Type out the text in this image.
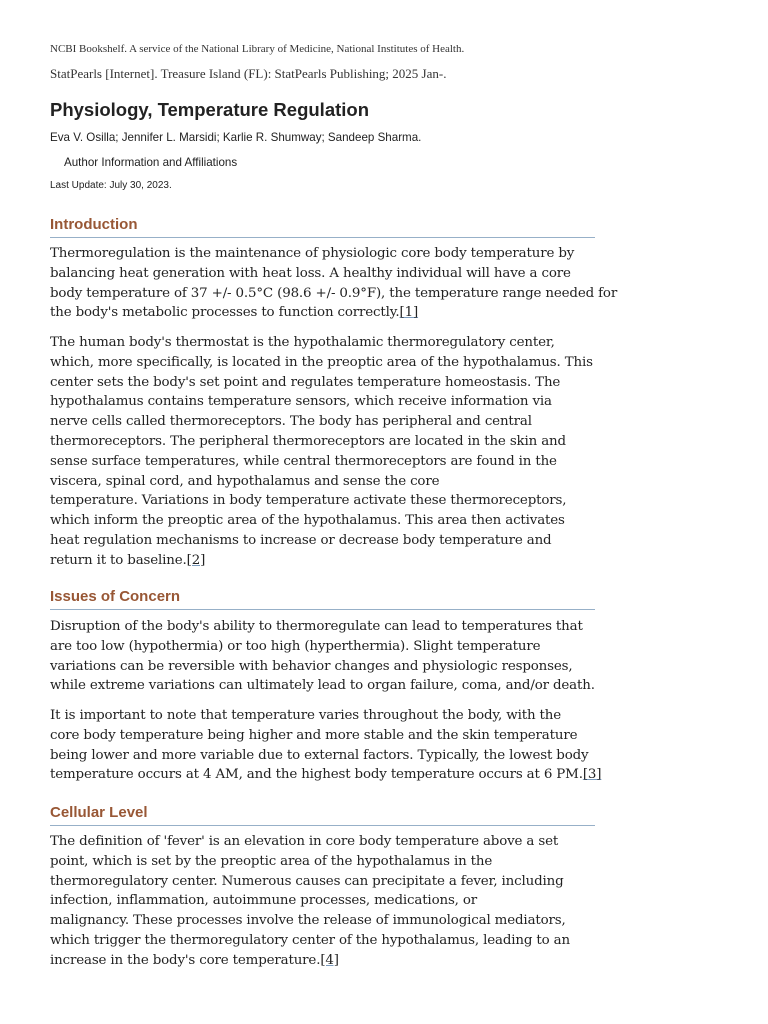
NCBI Bookshelf. A service of the National Library of Medicine, National Institutes of Health.
StatPearls [Internet]. Treasure Island (FL): StatPearls Publishing; 2025 Jan-.
Physiology, Temperature Regulation
Eva V. Osilla; Jennifer L. Marsidi; Karlie R. Shumway; Sandeep Sharma.
Author Information and Affiliations
Last Update: July 30, 2023.
Introduction
Thermoregulation is the maintenance of physiologic core body temperature by
balancing heat generation with heat loss. A healthy individual will have a core
body temperature of 37 +/- 0.5°C (98.6 +/- 0.9°F), the temperature range needed for
the body's metabolic processes to function correctly.[1]
The human body's thermostat is the hypothalamic thermoregulatory center,
which, more specifically, is located in the preoptic area of the hypothalamus. This
center sets the body's set point and regulates temperature homeostasis. The
hypothalamus contains temperature sensors, which receive information via
nerve cells called thermoreceptors. The body has peripheral and central
thermoreceptors. The peripheral thermoreceptors are located in the skin and
sense surface temperatures, while central thermoreceptors are found in the
viscera, spinal cord, and hypothalamus and sense the core
temperature. Variations in body temperature activate these thermoreceptors,
which inform the preoptic area of the hypothalamus. This area then activates
heat regulation mechanisms to increase or decrease body temperature and
return it to baseline.[2]
Issues of Concern
Disruption of the body's ability to thermoregulate can lead to temperatures that
are too low (hypothermia) or too high (hyperthermia). Slight temperature
variations can be reversible with behavior changes and physiologic responses,
while extreme variations can ultimately lead to organ failure, coma, and/or death.
It is important to note that temperature varies throughout the body, with the
core body temperature being higher and more stable and the skin temperature
being lower and more variable due to external factors. Typically, the lowest body
temperature occurs at 4 AM, and the highest body temperature occurs at 6 PM.[3]
Cellular Level
The definition of 'fever' is an elevation in core body temperature above a set
point, which is set by the preoptic area of the hypothalamus in the
thermoregulatory center. Numerous causes can precipitate a fever, including
infection, inflammation, autoimmune processes, medications, or
malignancy. These processes involve the release of immunological mediators,
which trigger the thermoregulatory center of the hypothalamus, leading to an
increase in the body's core temperature.[4]
